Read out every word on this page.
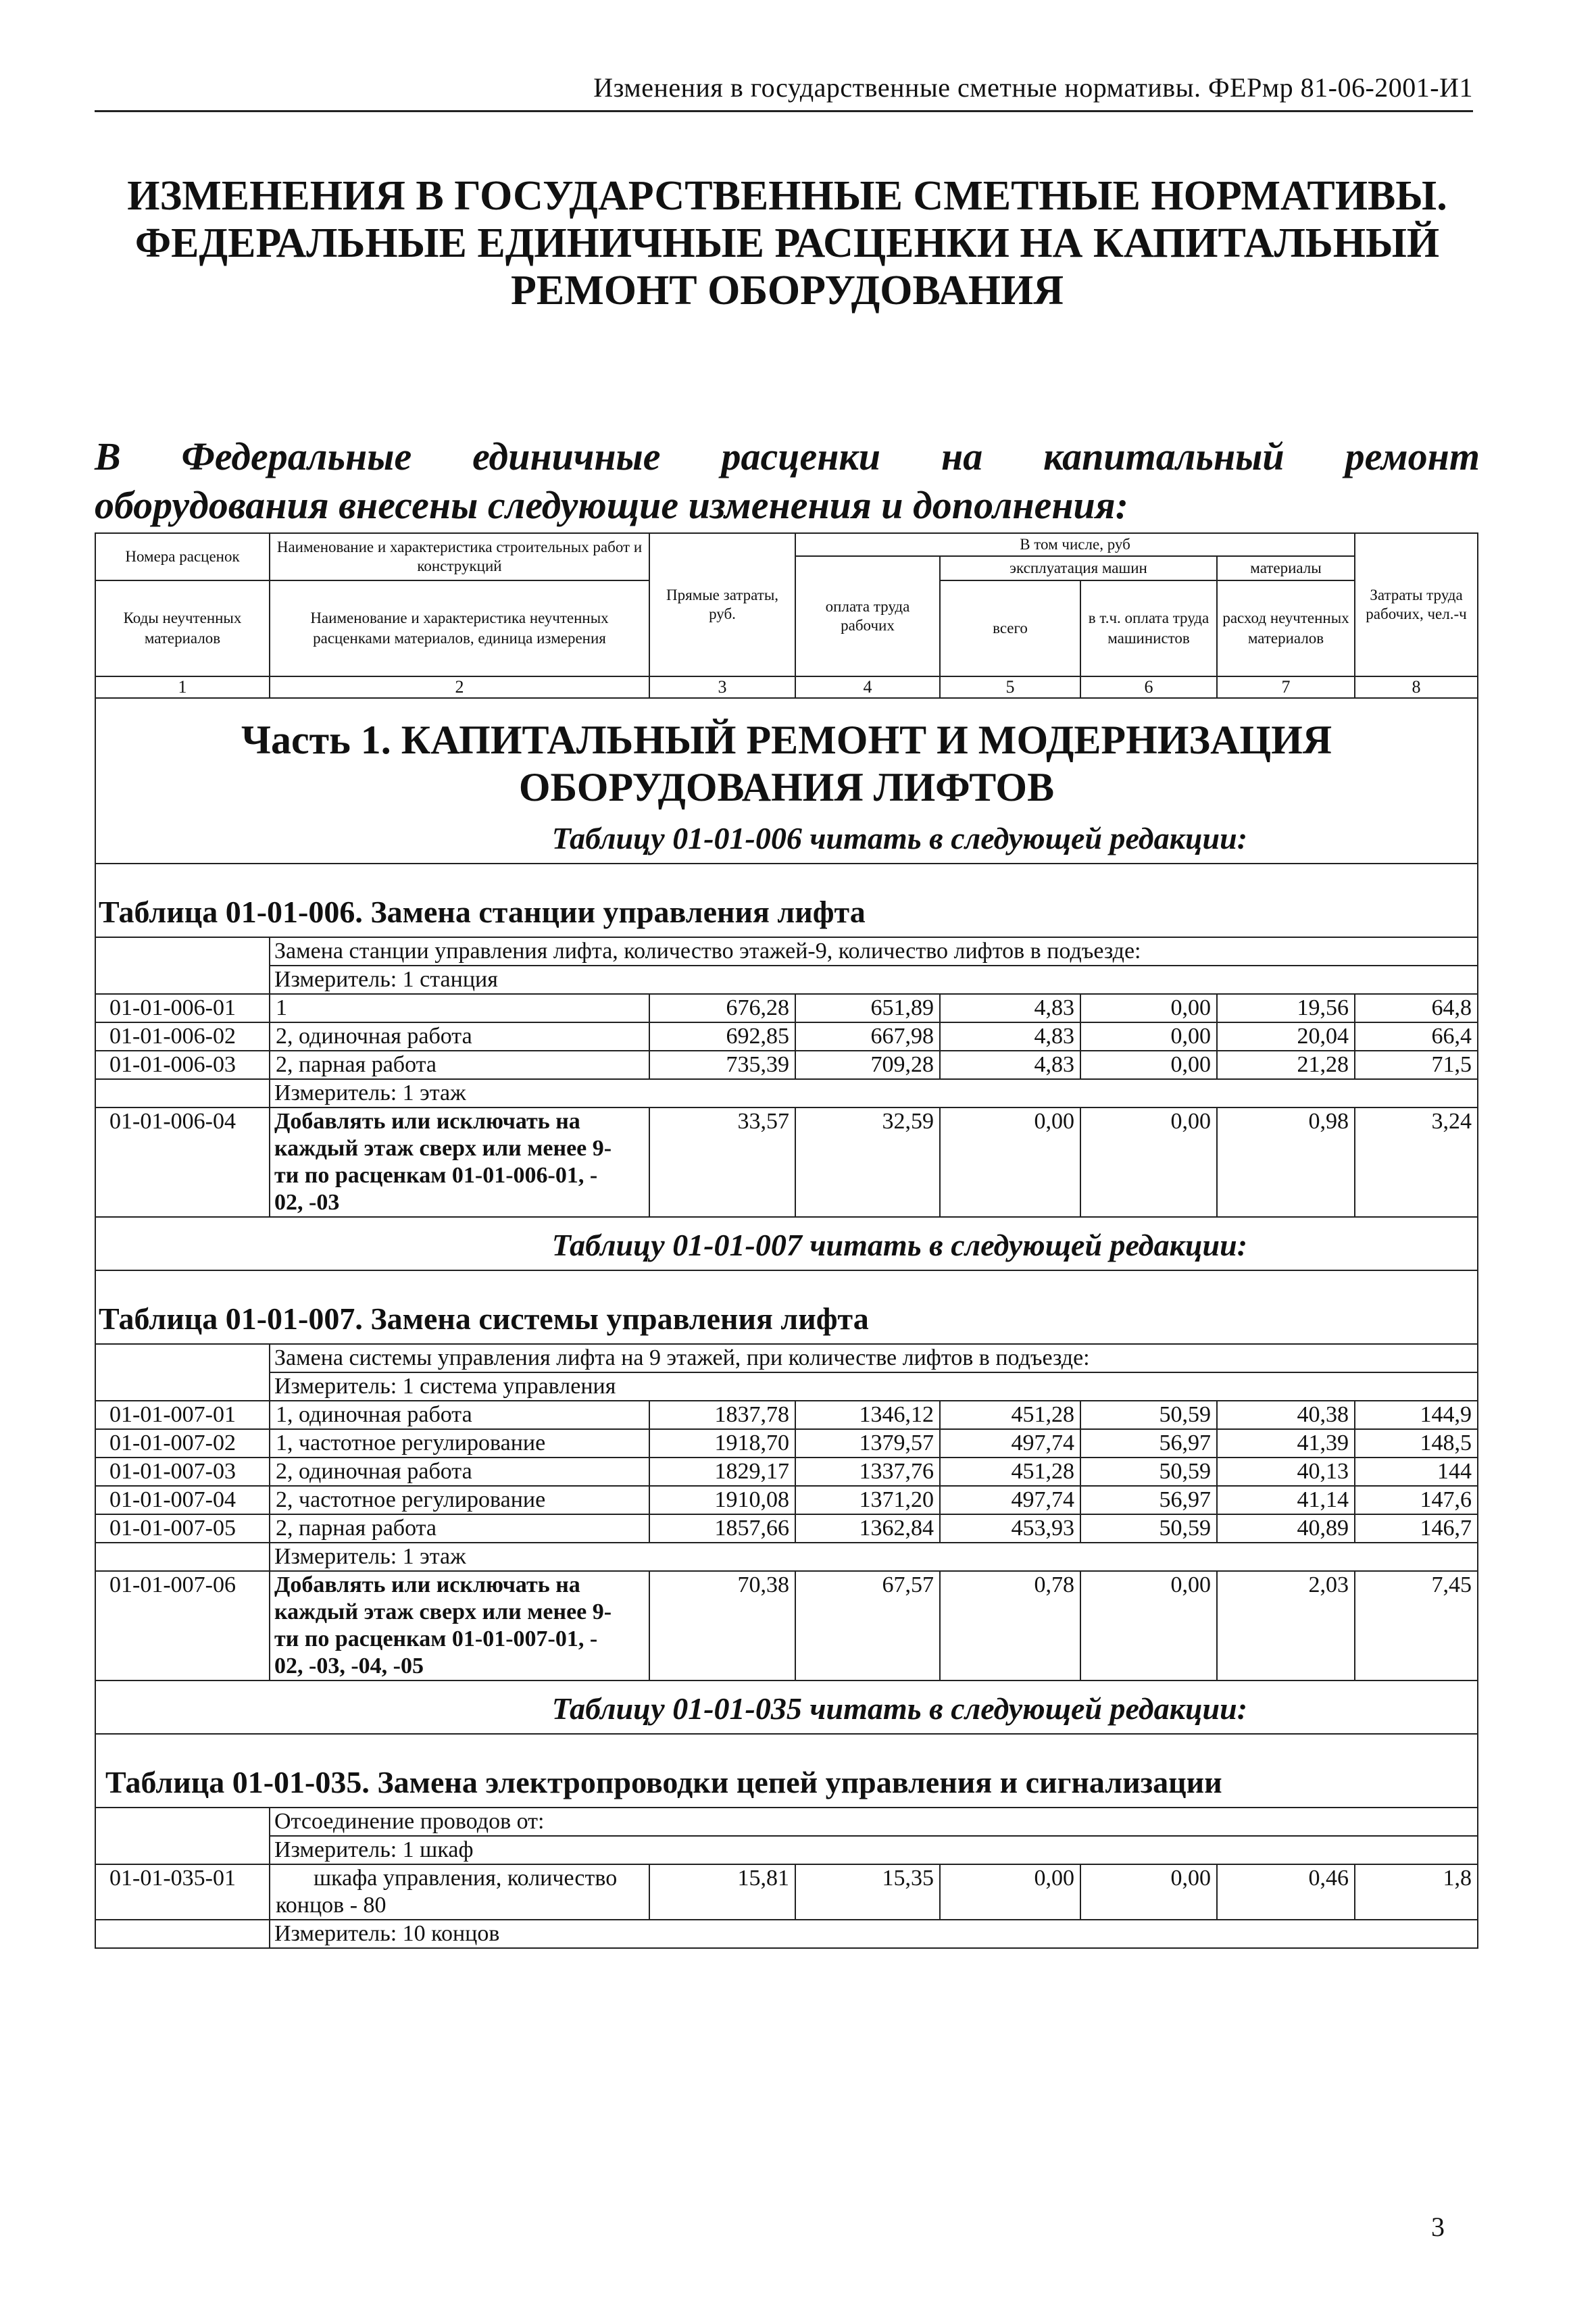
Изменения в государственные сметные нормативы. ФЕРмр 81-06-2001-И1
ИЗМЕНЕНИЯ В ГОСУДАРСТВЕННЫЕ СМЕТНЫЕ НОРМАТИВЫ.
ФЕДЕРАЛЬНЫЕ ЕДИНИЧНЫЕ РАСЦЕНКИ НА КАПИТАЛЬНЫЙ
РЕМОНТ ОБОРУДОВАНИЯ
В Федеральные единичные расценки на капитальный ремонт
оборудования внесены следующие изменения и дополнения:
Номера расценок	Наименование и характеристика строительных работ и конструкций	Прямые затраты, руб.	В том числе, руб				Затраты труда рабочих, чел.-ч
			оплата труда рабочих	эксплуатация машин		материалы	
Коды неучтенных материалов	Наименование и характеристика неучтенных расценками материалов, единица измерения			всего	в т.ч. оплата труда машинистов	расход неучтенных материалов	

1	2	3	4	5	6	7	8

Часть 1. КАПИТАЛЬНЫЙ РЕМОНТ И МОДЕРНИЗАЦИЯ
ОБОРУДОВАНИЯ ЛИФТОВ							

Таблицу 01-01-006 читать в следующей редакции:							
Таблица 01-01-006. Замена станции управления лифта							
	Замена станции управления лифта, количество этажей-9, количество лифтов в подъезде:						
	Измеритель: 1 станция						
01-01-006-01	1	676,28	651,89	4,83	0,00	19,56	64,8
01-01-006-02	2, одиночная работа	692,85	667,98	4,83	0,00	20,04	66,4
01-01-006-03	2, парная работа	735,39	709,28	4,83	0,00	21,28	71,5
	Измеритель: 1 этаж						
01-01-006-04	Добавлять или исключать на
каждый этаж сверх или менее 9-
ти по расценкам 01-01-006-01, -
02, -03	33,57	32,59	0,00	0,00	0,98	3,24
Таблицу 01-01-007 читать в следующей редакции:							
Таблица 01-01-007. Замена системы управления лифта							
	Замена системы управления лифта на 9 этажей, при количестве лифтов в подъезде:						
	Измеритель: 1 система управления						
01-01-007-01	1, одиночная работа	1837,78	1346,12	451,28	50,59	40,38	144,9
01-01-007-02	1, частотное регулирование	1918,70	1379,57	497,74	56,97	41,39	148,5
01-01-007-03	2, одиночная работа	1829,17	1337,76	451,28	50,59	40,13	144
01-01-007-04	2, частотное регулирование	1910,08	1371,20	497,74	56,97	41,14	147,6
01-01-007-05	2, парная работа	1857,66	1362,84	453,93	50,59	40,89	146,7
	Измеритель: 1 этаж						
01-01-007-06	Добавлять или исключать на
каждый этаж сверх или менее 9-
ти по расценкам 01-01-007-01, -
02, -03, -04, -05	70,38	67,57	0,78	0,00	2,03	7,45
Таблицу 01-01-035 читать в следующей редакции:							
Таблица 01-01-035. Замена электропроводки цепей управления и сигнализации							
	Отсоединение проводов от:						
	Измеритель: 1 шкаф						
01-01-035-01	шкафа управления, количество
концов - 80	15,81	15,35	0,00	0,00	0,46	1,8
	Измеритель: 10 концов						
3
